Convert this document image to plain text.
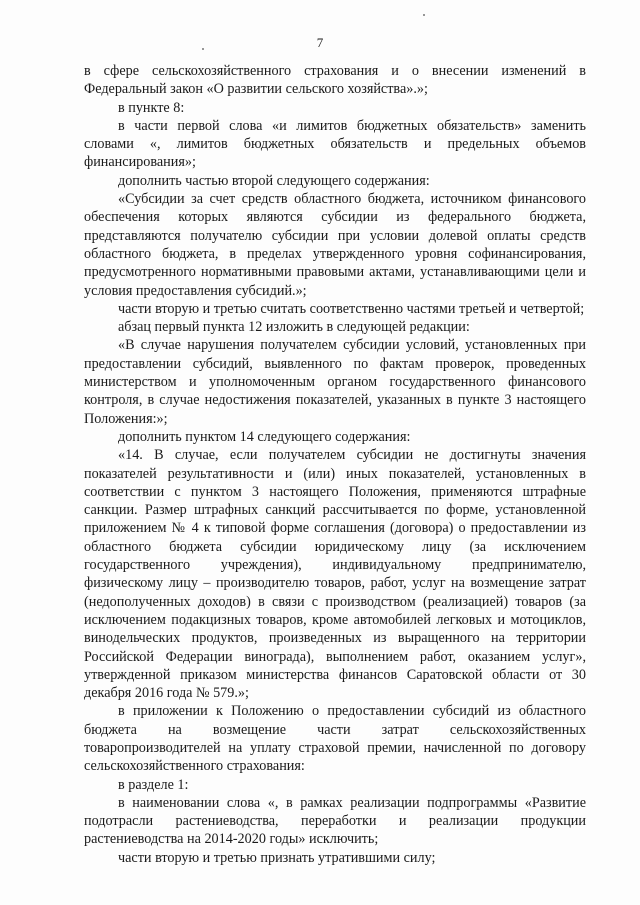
7

в сфере сельскохозяйственного страхования и о внесении изменений в Федеральный закон «О развитии сельского хозяйства».»;

в пункте 8:

в части первой слова «и лимитов бюджетных обязательств» заменить словами «, лимитов бюджетных обязательств и предельных объемов финансирования»;

дополнить частью второй следующего содержания:

«Субсидии за счет средств областного бюджета, источником финансового обеспечения которых являются субсидии из федерального бюджета, представляются получателю субсидии при условии долевой оплаты средств областного бюджета, в пределах утвержденного уровня софинансирования, предусмотренного нормативными правовыми актами, устанавливающими цели и условия предоставления субсидий.»;

части вторую и третью считать соответственно частями третьей и четвертой;

абзац первый пункта 12 изложить в следующей редакции:

«В случае нарушения получателем субсидии условий, установленных при предоставлении субсидий, выявленного по фактам проверок, проведенных министерством и уполномоченным органом государственного финансового контроля, в случае недостижения показателей, указанных в пункте 3 настоящего Положения:»;

дополнить пунктом 14 следующего содержания:

«14. В случае, если получателем субсидии не достигнуты значения показателей результативности и (или) иных показателей, установленных в соответствии с пунктом 3 настоящего Положения, применяются штрафные санкции. Размер штрафных санкций рассчитывается по форме, установленной приложением № 4 к типовой форме соглашения (договора) о предоставлении из областного бюджета субсидии юридическому лицу (за исключением государственного учреждения), индивидуальному предпринимателю, физическому лицу – производителю товаров, работ, услуг на возмещение затрат (недополученных доходов) в связи с производством (реализацией) товаров (за исключением подакцизных товаров, кроме автомобилей легковых и мотоциклов, винодельческих продуктов, произведенных из выращенного на территории Российской Федерации винограда), выполнением работ, оказанием услуг», утвержденной приказом министерства финансов Саратовской области от 30 декабря 2016 года № 579.»;

в приложении к Положению о предоставлении субсидий из областного бюджета на возмещение части затрат сельскохозяйственных товаропроизводителей на уплату страховой премии, начисленной по договору сельскохозяйственного страхования:

в разделе 1:

в наименовании слова «, в рамках реализации подпрограммы «Развитие подотрасли растениеводства, переработки и реализации продукции растениеводства на 2014-2020 годы» исключить;

части вторую и третью признать утратившими силу;
